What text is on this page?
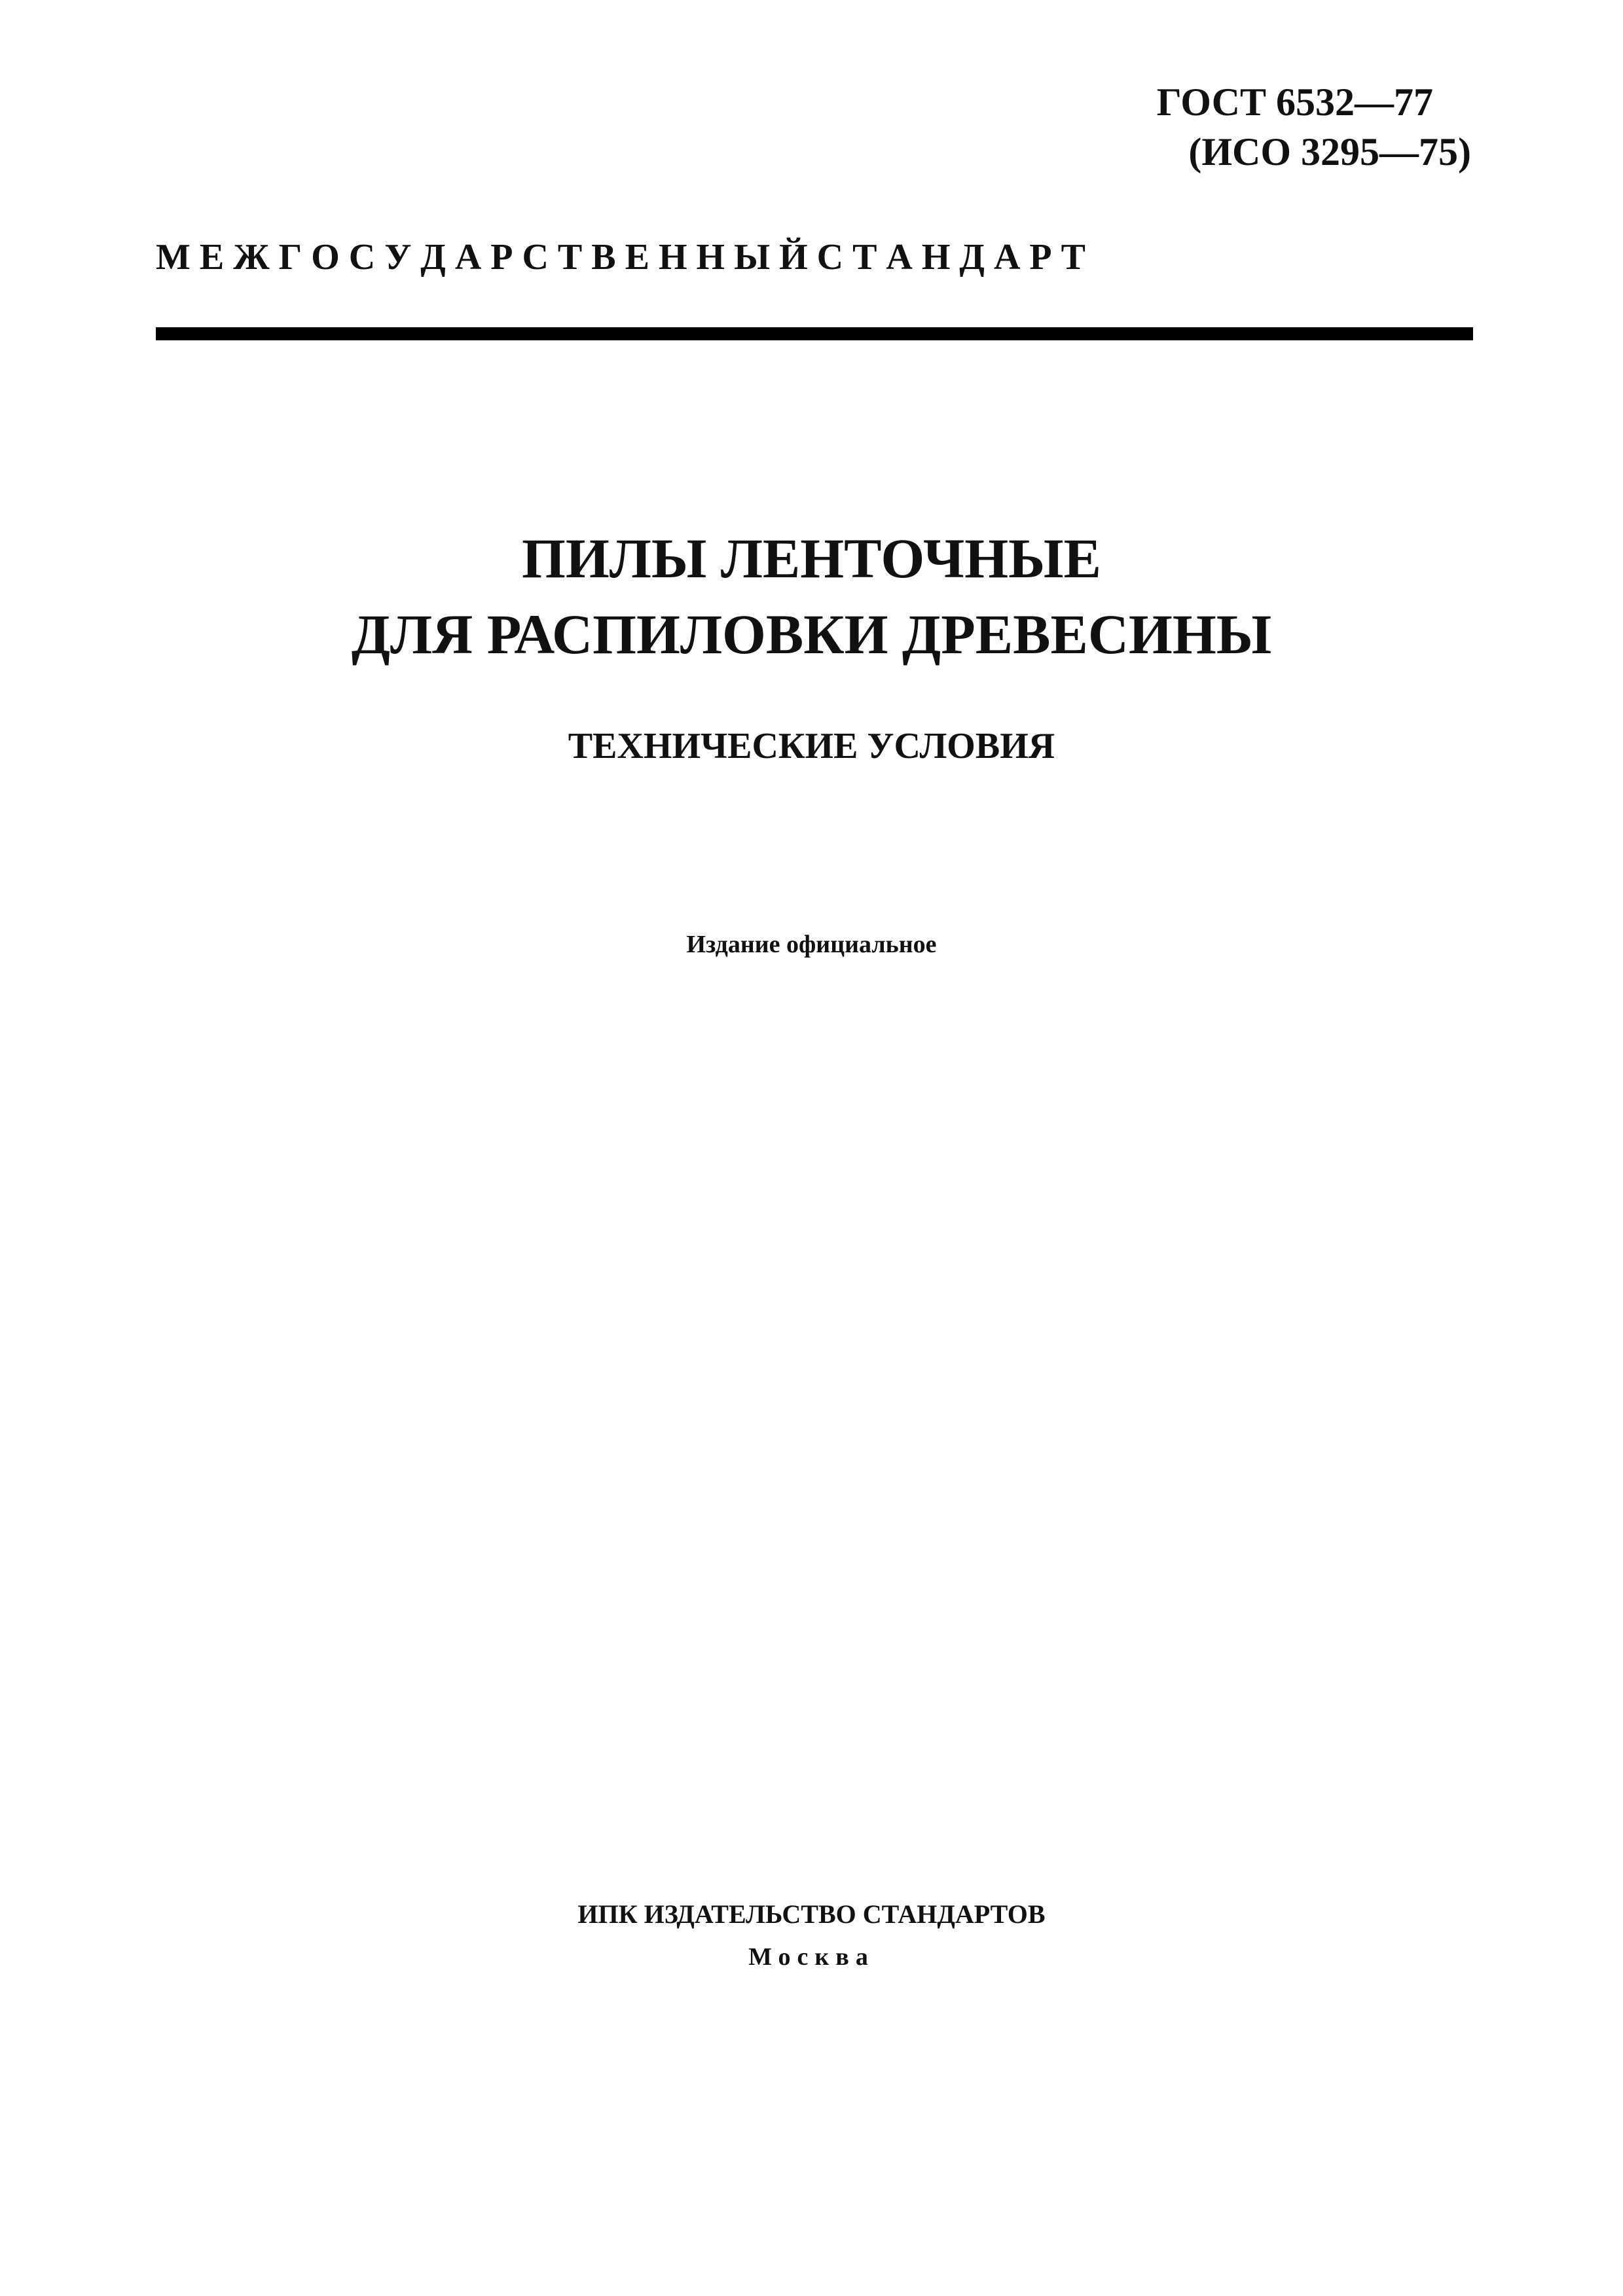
ГОСТ 6532—77
(ИСО 3295—75)
М Е Ж Г О С У Д А Р С Т В Е Н Н Ы Й С Т А Н Д А Р Т
ПИЛЫ ЛЕНТОЧНЫЕ
ДЛЯ РАСПИЛОВКИ ДРЕВЕСИНЫ
ТЕХНИЧЕСКИЕ УСЛОВИЯ
Издание официальное
ИПК ИЗДАТЕЛЬСТВО СТАНДАРТОВ
Москва
